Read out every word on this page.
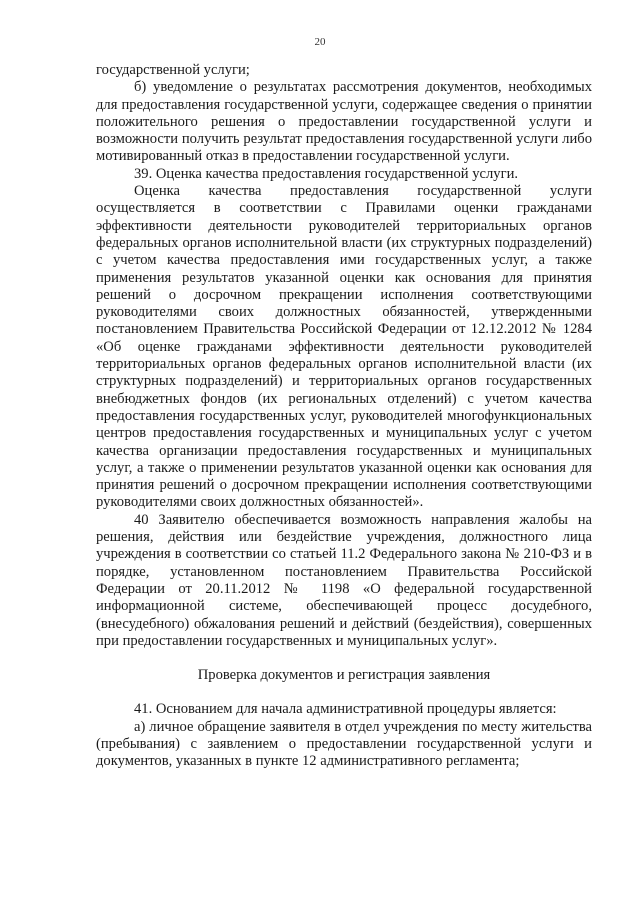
20

государственной услуги;

б) уведомление о результатах рассмотрения документов, необходимых для предоставления государственной услуги, содержащее сведения о принятии положительного решения о предоставлении государственной услуги и возможности получить результат предоставления государственной услуги либо мотивированный отказ в предоставлении государственной услуги.

39. Оценка качества предоставления государственной услуги.

Оценка качества предоставления государственной услуги осуществляется в соответствии с Правилами оценки гражданами эффективности деятельности руководителей территориальных органов федеральных органов исполнительной власти (их структурных подразделений) с учетом качества предоставления ими государственных услуг, а также применения результатов указанной оценки как основания для принятия решений о досрочном прекращении исполнения соответствующими руководителями своих должностных обязанностей, утвержденными постановлением Правительства Российской Федерации от 12.12.2012 № 1284 «Об оценке гражданами эффективности деятельности руководителей территориальных органов федеральных органов исполнительной власти (их структурных подразделений) и территориальных органов государственных внебюджетных фондов (их региональных отделений) с учетом качества предоставления государственных услуг, руководителей многофункциональных центров предоставления государственных и муниципальных услуг с учетом качества организации предоставления государственных и муниципальных услуг, а также о применении результатов указанной оценки как основания для принятия решений о досрочном прекращении исполнения соответствующими руководителями своих должностных обязанностей».

40 Заявителю обеспечивается возможность направления жалобы на решения, действия или бездействие учреждения, должностного лица учреждения в соответствии со статьей 11.2 Федерального закона № 210-ФЗ и в порядке, установленном постановлением Правительства Российской Федерации от 20.11.2012 № 1198 «О федеральной государственной информационной системе, обеспечивающей процесс досудебного, (внесудебного) обжалования решений и действий (бездействия), совершенных при предоставлении государственных и муниципальных услуг».

Проверка документов и регистрация заявления

41. Основанием для начала административной процедуры является:

а) личное обращение заявителя в отдел учреждения по месту жительства (пребывания) с заявлением о предоставлении государственной услуги и документов, указанных в пункте 12 административного регламента;
